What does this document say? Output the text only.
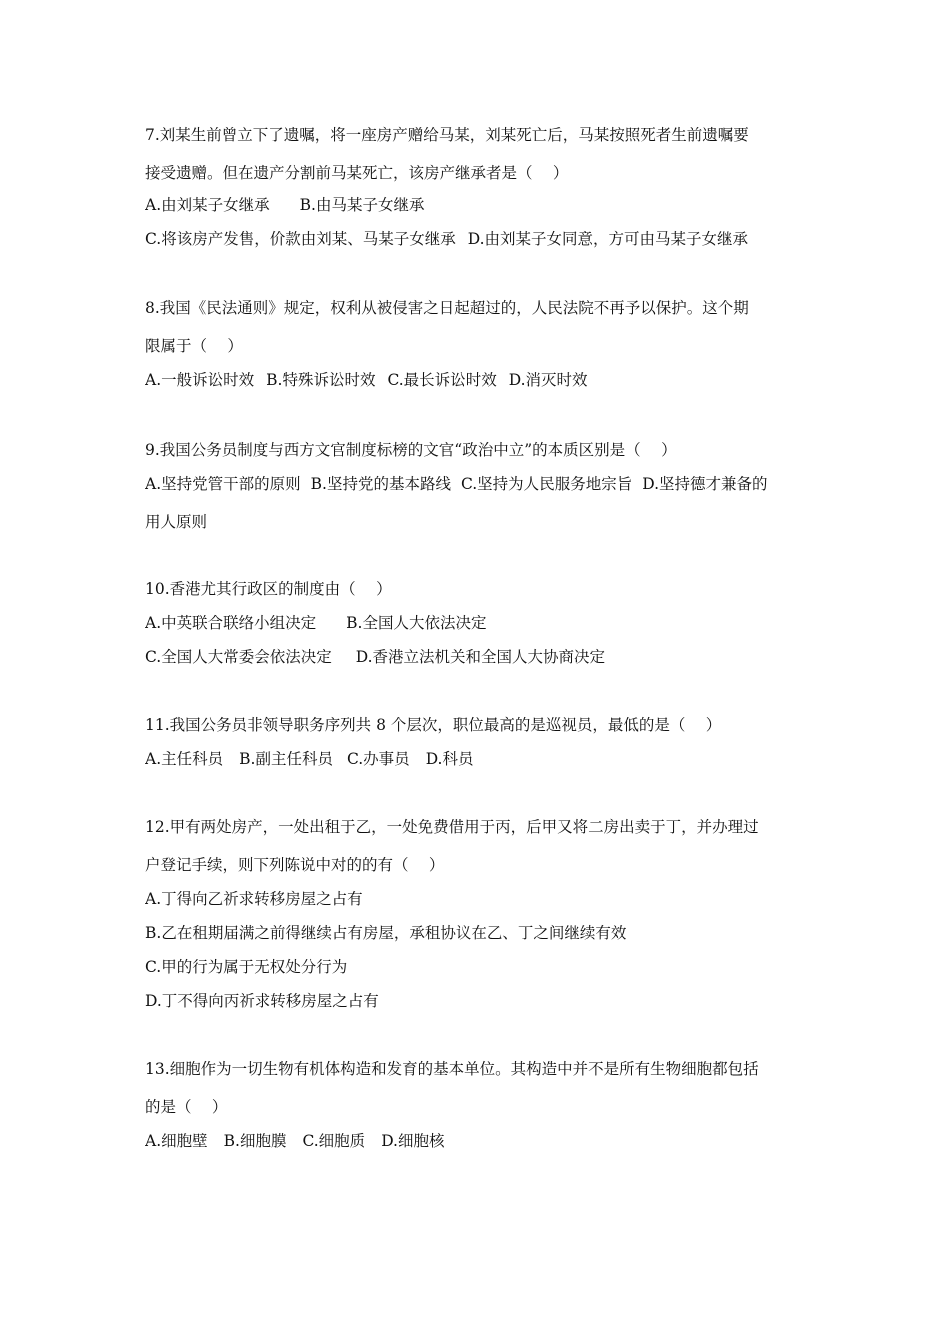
7.刘某生前曾立下了遗嘱，将一座房产赠给马某，刘某死亡后，马某按照死者生前遗嘱要
接受遗赠。但在遗产分割前马某死亡，该房产继承者是（　 ）
A.由刘某子女继承 B.由马某子女继承
C.将该房产发售，价款由刘某、马某子女继承 D.由刘某子女同意，方可由马某子女继承
8.我国《民法通则》规定，权利从被侵害之日起超过的，人民法院不再予以保护。这个期
限属于（　 ）
A.一般诉讼时效 B.特殊诉讼时效 C.最长诉讼时效 D.消灭时效
9.我国公务员制度与西方文官制度标榜的文官“政治中立”的本质区别是（　 ）
A.坚持党管干部的原则 B.坚持党的基本路线 C.坚持为人民服务地宗旨 D.坚持德才兼备的
用人原则
10.香港尤其行政区的制度由（　 ）
A.中英联合联络小组决定 B.全国人大依法决定
C.全国人大常委会依法决定 D.香港立法机关和全国人大协商决定
11.我国公务员非领导职务序列共 8 个层次，职位最高的是巡视员，最低的是（　 ）
A.主任科员 B.副主任科员 C.办事员 D.科员
12.甲有两处房产，一处出租于乙，一处免费借用于丙，后甲又将二房出卖于丁，并办理过
户登记手续，则下列陈说中对的的有（　 ）
A.丁得向乙祈求转移房屋之占有
B.乙在租期届满之前得继续占有房屋，承租协议在乙、丁之间继续有效
C.甲的行为属于无权处分行为
D.丁不得向丙祈求转移房屋之占有
13.细胞作为一切生物有机体构造和发育的基本单位。其构造中并不是所有生物细胞都包括
的是（　 ）
A.细胞壁 B.细胞膜 C.细胞质 D.细胞核
